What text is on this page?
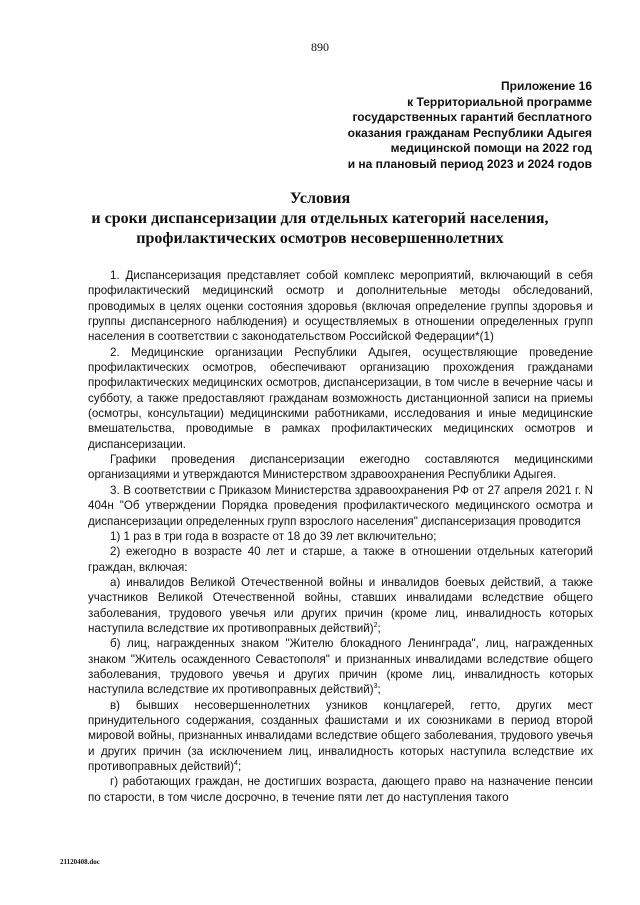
890
Приложение 16
к Территориальной программе
государственных гарантий бесплатного
оказания гражданам Республики Адыгея
медицинской помощи на 2022 год
и на плановый период 2023 и 2024 годов
Условия
и сроки диспансеризации для отдельных категорий населения,
профилактических осмотров несовершеннолетних

1. Диспансеризация представляет собой комплекс мероприятий, включающий в себя профилактический медицинский осмотр и дополнительные методы обследований, проводимых в целях оценки состояния здоровья (включая определение группы здоровья и группы диспансерного наблюдения) и осуществляемых в отношении определенных групп населения в соответствии с законодательством Российской Федерации*(1)

2. Медицинские организации Республики Адыгея, осуществляющие проведение профилактических осмотров, обеспечивают организацию прохождения гражданами профилактических медицинских осмотров, диспансеризации, в том числе в вечерние часы и субботу, а также предоставляют гражданам возможность дистанционной записи на приемы (осмотры, консультации) медицинскими работниками, исследования и иные медицинские вмешательства, проводимые в рамках профилактических медицинских осмотров и диспансеризации.

Графики проведения диспансеризации ежегодно составляются медицинскими организациями и утверждаются Министерством здравоохранения Республики Адыгея.

3. В соответствии с Приказом Министерства здравоохранения РФ от 27 апреля 2021 г. N 404н "Об утверждении Порядка проведения профилактического медицинского осмотра и диспансеризации определенных групп взрослого населения" диспансеризация проводится

1) 1 раз в три года в возрасте от 18 до 39 лет включительно;

2) ежегодно в возрасте 40 лет и старше, а также в отношении отдельных категорий граждан, включая:

а) инвалидов Великой Отечественной войны и инвалидов боевых действий, а также участников Великой Отечественной войны, ставших инвалидами вследствие общего заболевания, трудового увечья или других причин (кроме лиц, инвалидность которых наступила вследствие их противоправных действий)$^2$;

б) лиц, награжденных знаком "Жителю блокадного Ленинграда", лиц, награжденных знаком "Житель осажденного Севастополя" и признанных инвалидами вследствие общего заболевания, трудового увечья и других причин (кроме лиц, инвалидность которых наступила вследствие их противоправных действий)$^3$;

в) бывших несовершеннолетних узников концлагерей, гетто, других мест принудительного содержания, созданных фашистами и их союзниками в период второй мировой войны, признанных инвалидами вследствие общего заболевания, трудового увечья и других причин (за исключением лиц, инвалидность которых наступила вследствие их противоправных действий)$^4$;

г) работающих граждан, не достигших возраста, дающего право на назначение пенсии по старости, в том числе досрочно, в течение пяти лет до наступления такого

21120408.doc
